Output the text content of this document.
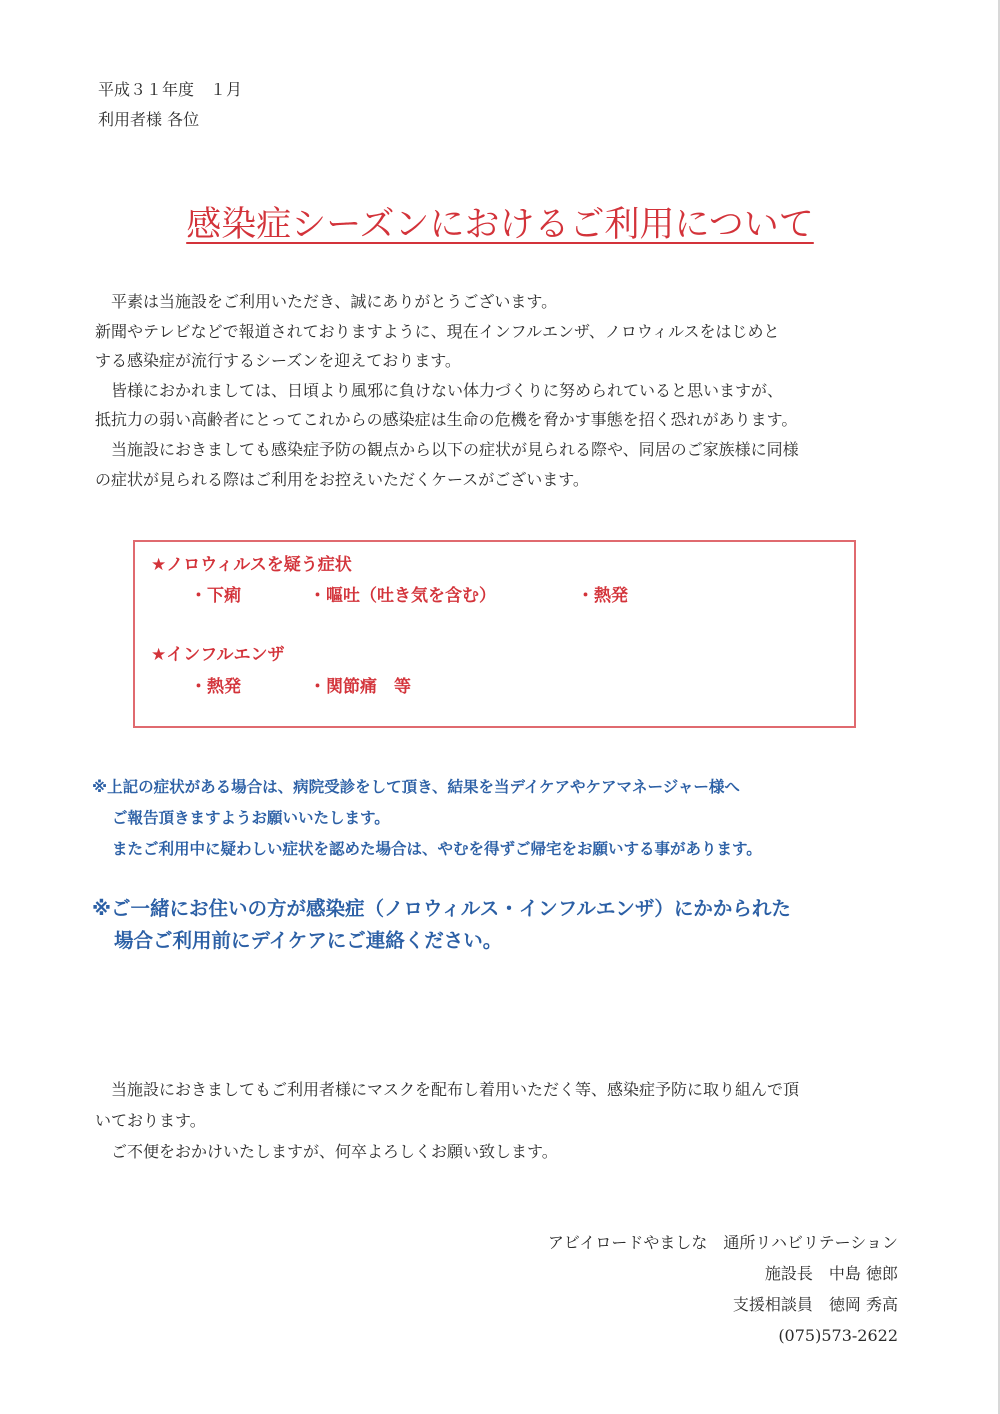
平成３１年度　１月
利用者様 各位
感染症シーズンにおけるご利用について

　平素は当施設をご利用いただき、誠にありがとうございます。

新聞やテレビなどで報道されておりますように、現在インフルエンザ、ノロウィルスをはじめと

する感染症が流行するシーズンを迎えております。

　皆様におかれましては、日頃より風邪に負けない体力づくりに努められていると思いますが、

抵抗力の弱い高齢者にとってこれからの感染症は生命の危機を脅かす事態を招く恐れがあります。

　当施設におきましても感染症予防の観点から以下の症状が見られる際や、同居のご家族様に同様

の症状が見られる際はご利用をお控えいただくケースがございます。

★ノロウィルスを疑う症状
・下痢	・嘔吐（吐き気を含む）	・熱発
★インフルエンザ
・熱発	・関節痛　等

※上記の症状がある場合は、病院受診をして頂き、結果を当デイケアやケアマネージャー様へ

ご報告頂きますようお願いいたします。

またご利用中に疑わしい症状を認めた場合は、やむを得ずご帰宅をお願いする事があります。

※ご一緒にお住いの方が感染症（ノロウィルス・インフルエンザ）にかかられた

場合ご利用前にデイケアにご連絡ください。

　当施設におきましてもご利用者様にマスクを配布し着用いただく等、感染症予防に取り組んで頂

いております。

　ご不便をおかけいたしますが、何卒よろしくお願い致します。

アビイロードやましな　通所リハビリテーション

施設長　中島 徳郎

支援相談員　徳岡 秀高

(075)573-2622
